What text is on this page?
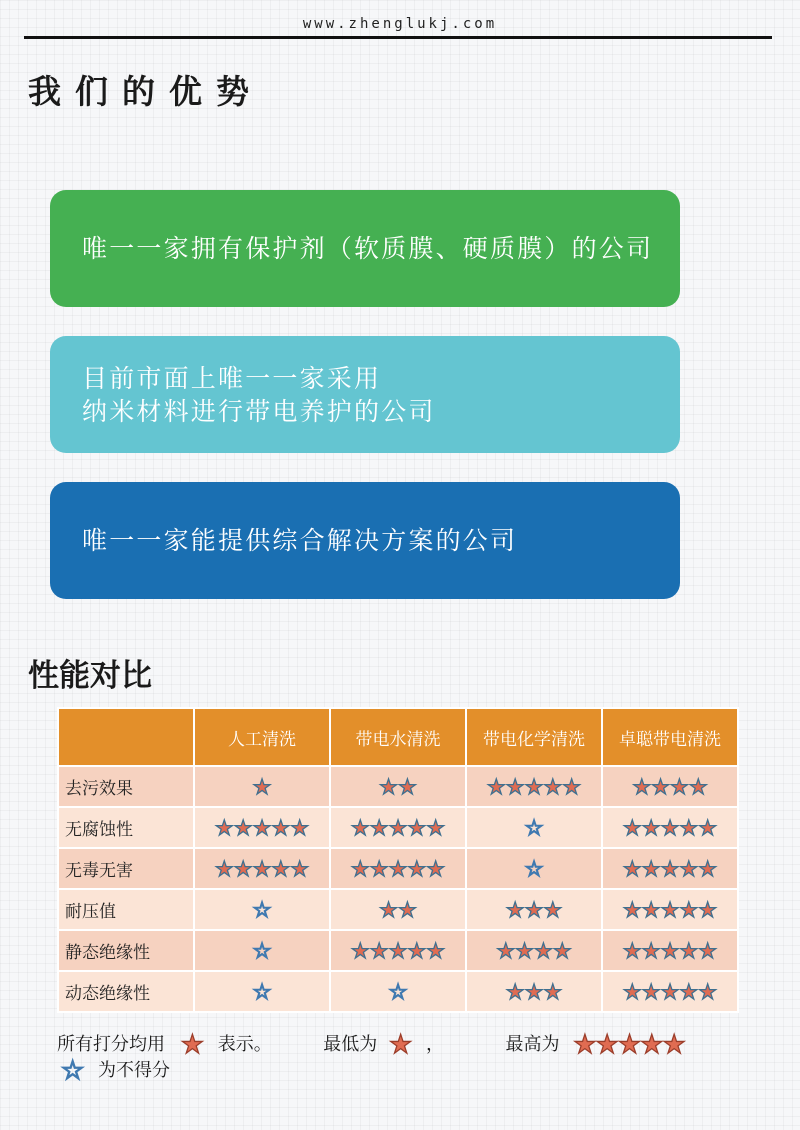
www.zhenglukj.com
我们的优势
唯一一家拥有保护剂（软质膜、硬质膜）的公司
目前市面上唯一一家采用
纳米材料进行带电养护的公司
唯一一家能提供综合解决方案的公司
性能对比
	人工清洗	带电水清洗	带电化学清洗	卓聪带电清洗
去污效果	★	★★	★★★★★	★★★★
无腐蚀性	★★★★★	★★★★★	☆	★★★★★
无毒无害	★★★★★	★★★★★	☆	★★★★★
耐压值	☆	★★	★★★	★★★★★
静态绝缘性	☆	★★★★★	★★★★	★★★★★
动态绝缘性	☆	☆	★★★	★★★★★
所有打分均用 ★ 表示。	最低为 ★ ，	最高为 ★★★★★
☆ 为不得分
